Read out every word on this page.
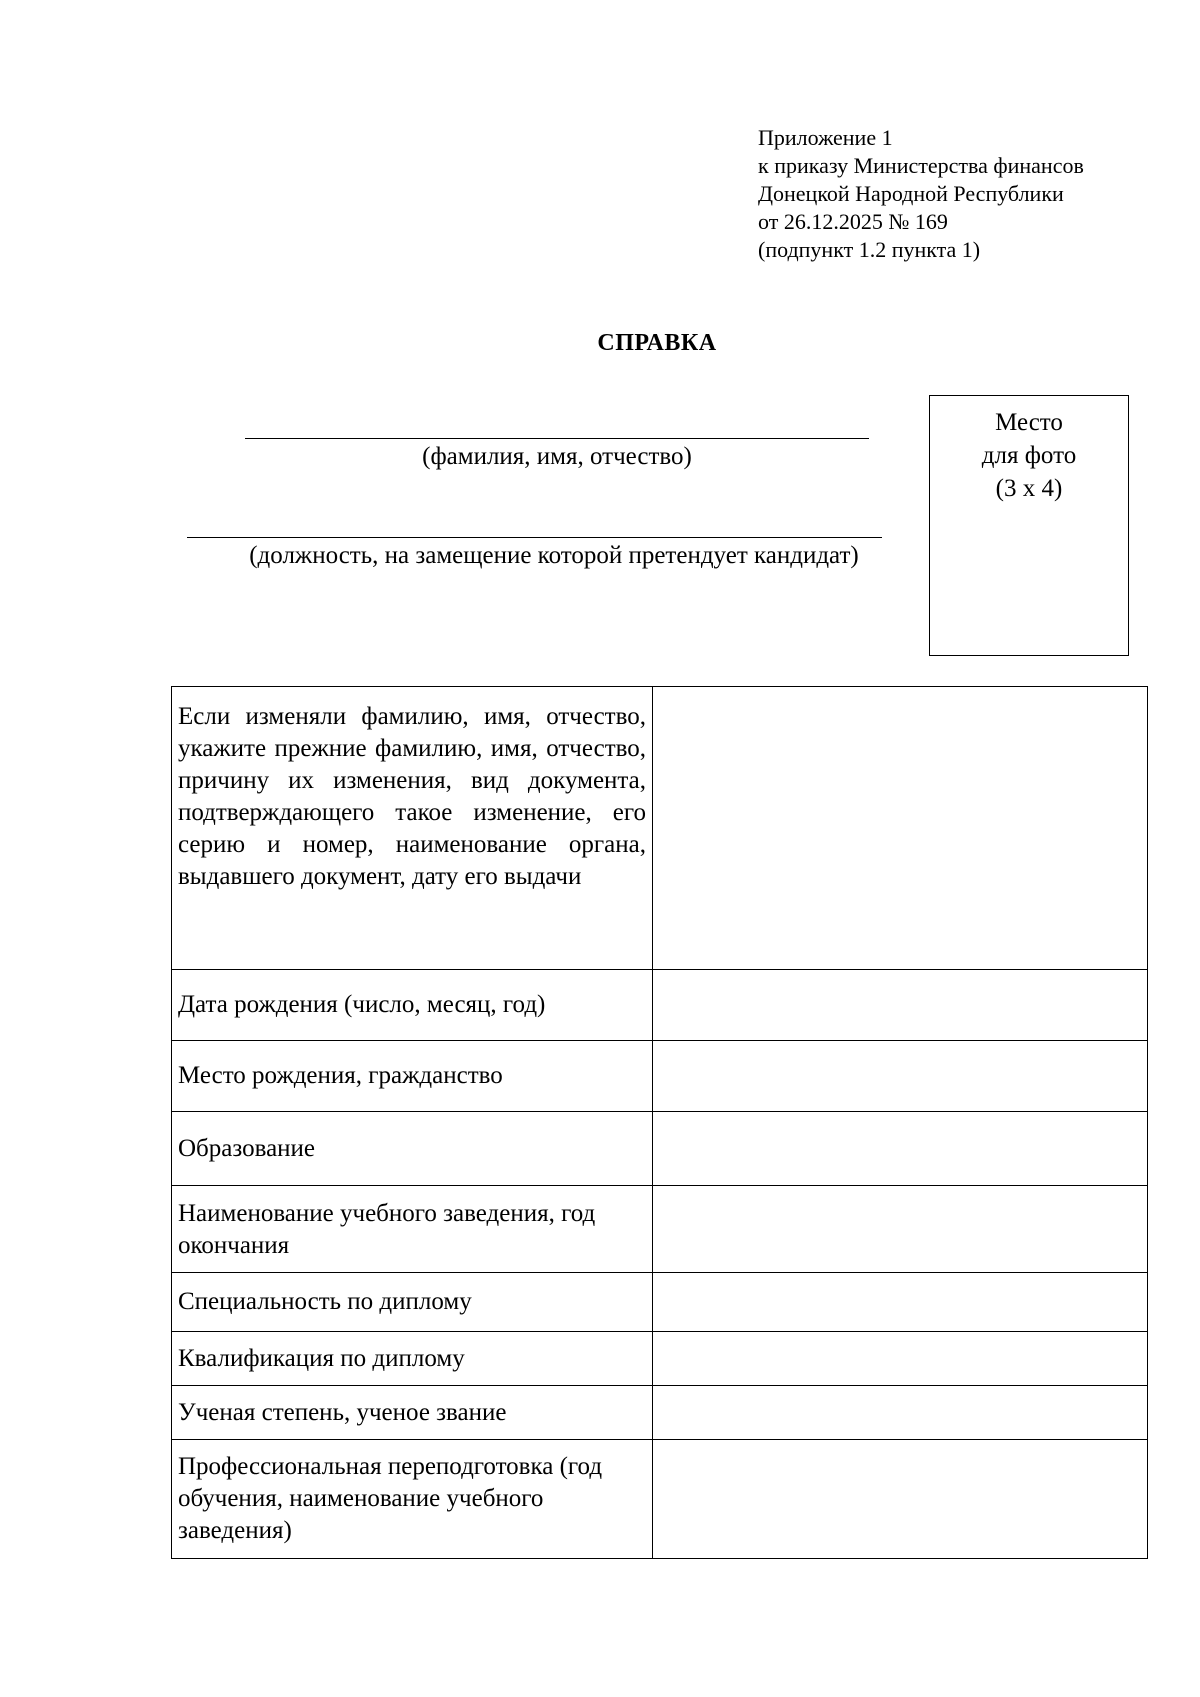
Приложение 1
к приказу Министерства финансов
Донецкой Народной Республики
от 26.12.2025 № 169
(подпункт 1.2 пункта 1)
СПРАВКА
(фамилия, имя, отчество)
(должность, на замещение которой претендует кандидат)
Место
для фото
(3 х 4)
Если изменяли фамилию, имя, отчество, укажите прежние фамилию, имя, отчество, причину их изменения, вид документа, подтверждающего такое изменение, его серию и номер, наименование органа, выдавшего документ, дату его выдачи	

Дата рождения (число, месяц, год)	

Место рождения, гражданство	

Образование	

Наименование учебного заведения, год окончания	

Специальность по диплому	

Квалификация по диплому	

Ученая степень, ученое звание	

Профессиональная переподготовка (год обучения, наименование учебного заведения)	
